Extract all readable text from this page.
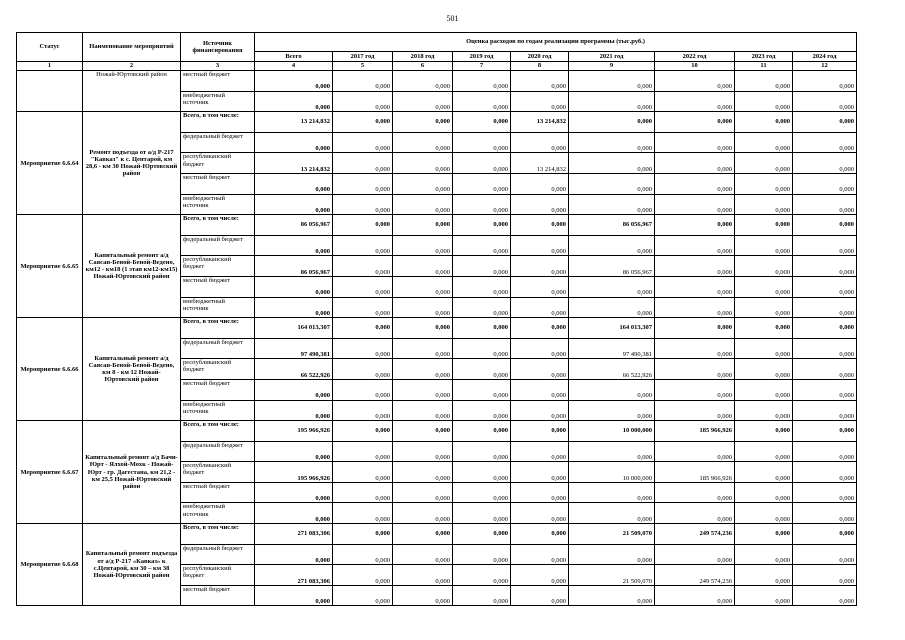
501
Статус	Наименование мероприятий	Источник финансирования	Оценка расходов по годам реализации программы (тыс.руб.)								
			Всего	2017 год	2018 год	2019 год	2020 год	2021 год	2022 год	2023 год	2024 год
1	2	3	4	5	6	7	8	9	10	11	12
	Ножай-Юртовский район	местный бюджет	0,000	0,000	0,000	0,000	0,000	0,000	0,000	0,000	0,000
		внебюджетный источник	0,000	0,000	0,000	0,000	0,000	0,000	0,000	0,000	0,000
Мероприятие 6.6.64	Ремонт подъезда от а/д Р-217 "Кавказ" к с. Центарой, км 28,6 - км 30 Ножай-Юртовский район	Всего, в том числе:	13 214,832	0,000	0,000	0,000	13 214,832	0,000	0,000	0,000	0,000
		федеральный бюджет	0,000	0,000	0,000	0,000	0,000	0,000	0,000	0,000	0,000
		республиканский бюджет	13 214,832	0,000	0,000	0,000	13 214,832	0,000	0,000	0,000	0,000
		местный бюджет	0,000	0,000	0,000	0,000	0,000	0,000	0,000	0,000	0,000
		внебюджетный источник	0,000	0,000	0,000	0,000	0,000	0,000	0,000	0,000	0,000
Мероприятие 6.6.65	Капитальный ремонт а/д Саясан-Беной-Беной-Ведено, км12 - км18 (1 этап км12-км15) Ножай-Юртовский район	Всего, в том числе:	86 056,967	0,000	0,000	0,000	0,000	86 056,967	0,000	0,000	0,000
		федеральный бюджет	0,000	0,000	0,000	0,000	0,000	0,000	0,000	0,000	0,000
		республиканский бюджет	86 056,967	0,000	0,000	0,000	0,000	86 056,967	0,000	0,000	0,000
		местный бюджет	0,000	0,000	0,000	0,000	0,000	0,000	0,000	0,000	0,000
		внебюджетный источник	0,000	0,000	0,000	0,000	0,000	0,000	0,000	0,000	0,000
Мероприятие 6.6.66	Капитальный ремонт а/д Саясан-Беной-Беной-Ведено, км 8 - км 12 Ножай-Юртовский район	Всего, в том числе:	164 013,307	0,000	0,000	0,000	0,000	164 013,307	0,000	0,000	0,000
		федеральный бюджет	97 490,381	0,000	0,000	0,000	0,000	97 490,381	0,000	0,000	0,000
		республиканский бюджет	66 522,926	0,000	0,000	0,000	0,000	66 522,926	0,000	0,000	0,000
		местный бюджет	0,000	0,000	0,000	0,000	0,000	0,000	0,000	0,000	0,000
		внебюджетный источник	0,000	0,000	0,000	0,000	0,000	0,000	0,000	0,000	0,000
Мероприятие 6.6.67	Капитальный ремонт а/д Бачи-Юрт - Ялхой-Мохк - Ножай-Юрт - гр. Дагестана, км 21,2 - км 25,5 Ножай-Юртовский район	Всего, в том числе:	195 966,926	0,000	0,000	0,000	0,000	10 000,000	185 966,926	0,000	0,000
		федеральный бюджет	0,000	0,000	0,000	0,000	0,000	0,000	0,000	0,000	0,000
		республиканский бюджет	195 966,926	0,000	0,000	0,000	0,000	10 000,000	185 966,926	0,000	0,000
		местный бюджет	0,000	0,000	0,000	0,000	0,000	0,000	0,000	0,000	0,000
		внебюджетный источник	0,000	0,000	0,000	0,000	0,000	0,000	0,000	0,000	0,000
Мероприятие 6.6.68	Капитальный ремонт подъезда от а/д Р-217 «Кавказ» к с.Центарой, км 30 – км 38 Ножай-Юртовский район	Всего, в том числе:	271 083,306	0,000	0,000	0,000	0,000	21 509,070	249 574,236	0,000	0,000
		федеральный бюджет	0,000	0,000	0,000	0,000	0,000	0,000	0,000	0,000	0,000
		республиканский бюджет	271 083,306	0,000	0,000	0,000	0,000	21 509,070	249 574,236	0,000	0,000
		местный бюджет	0,000	0,000	0,000	0,000	0,000	0,000	0,000	0,000	0,000
